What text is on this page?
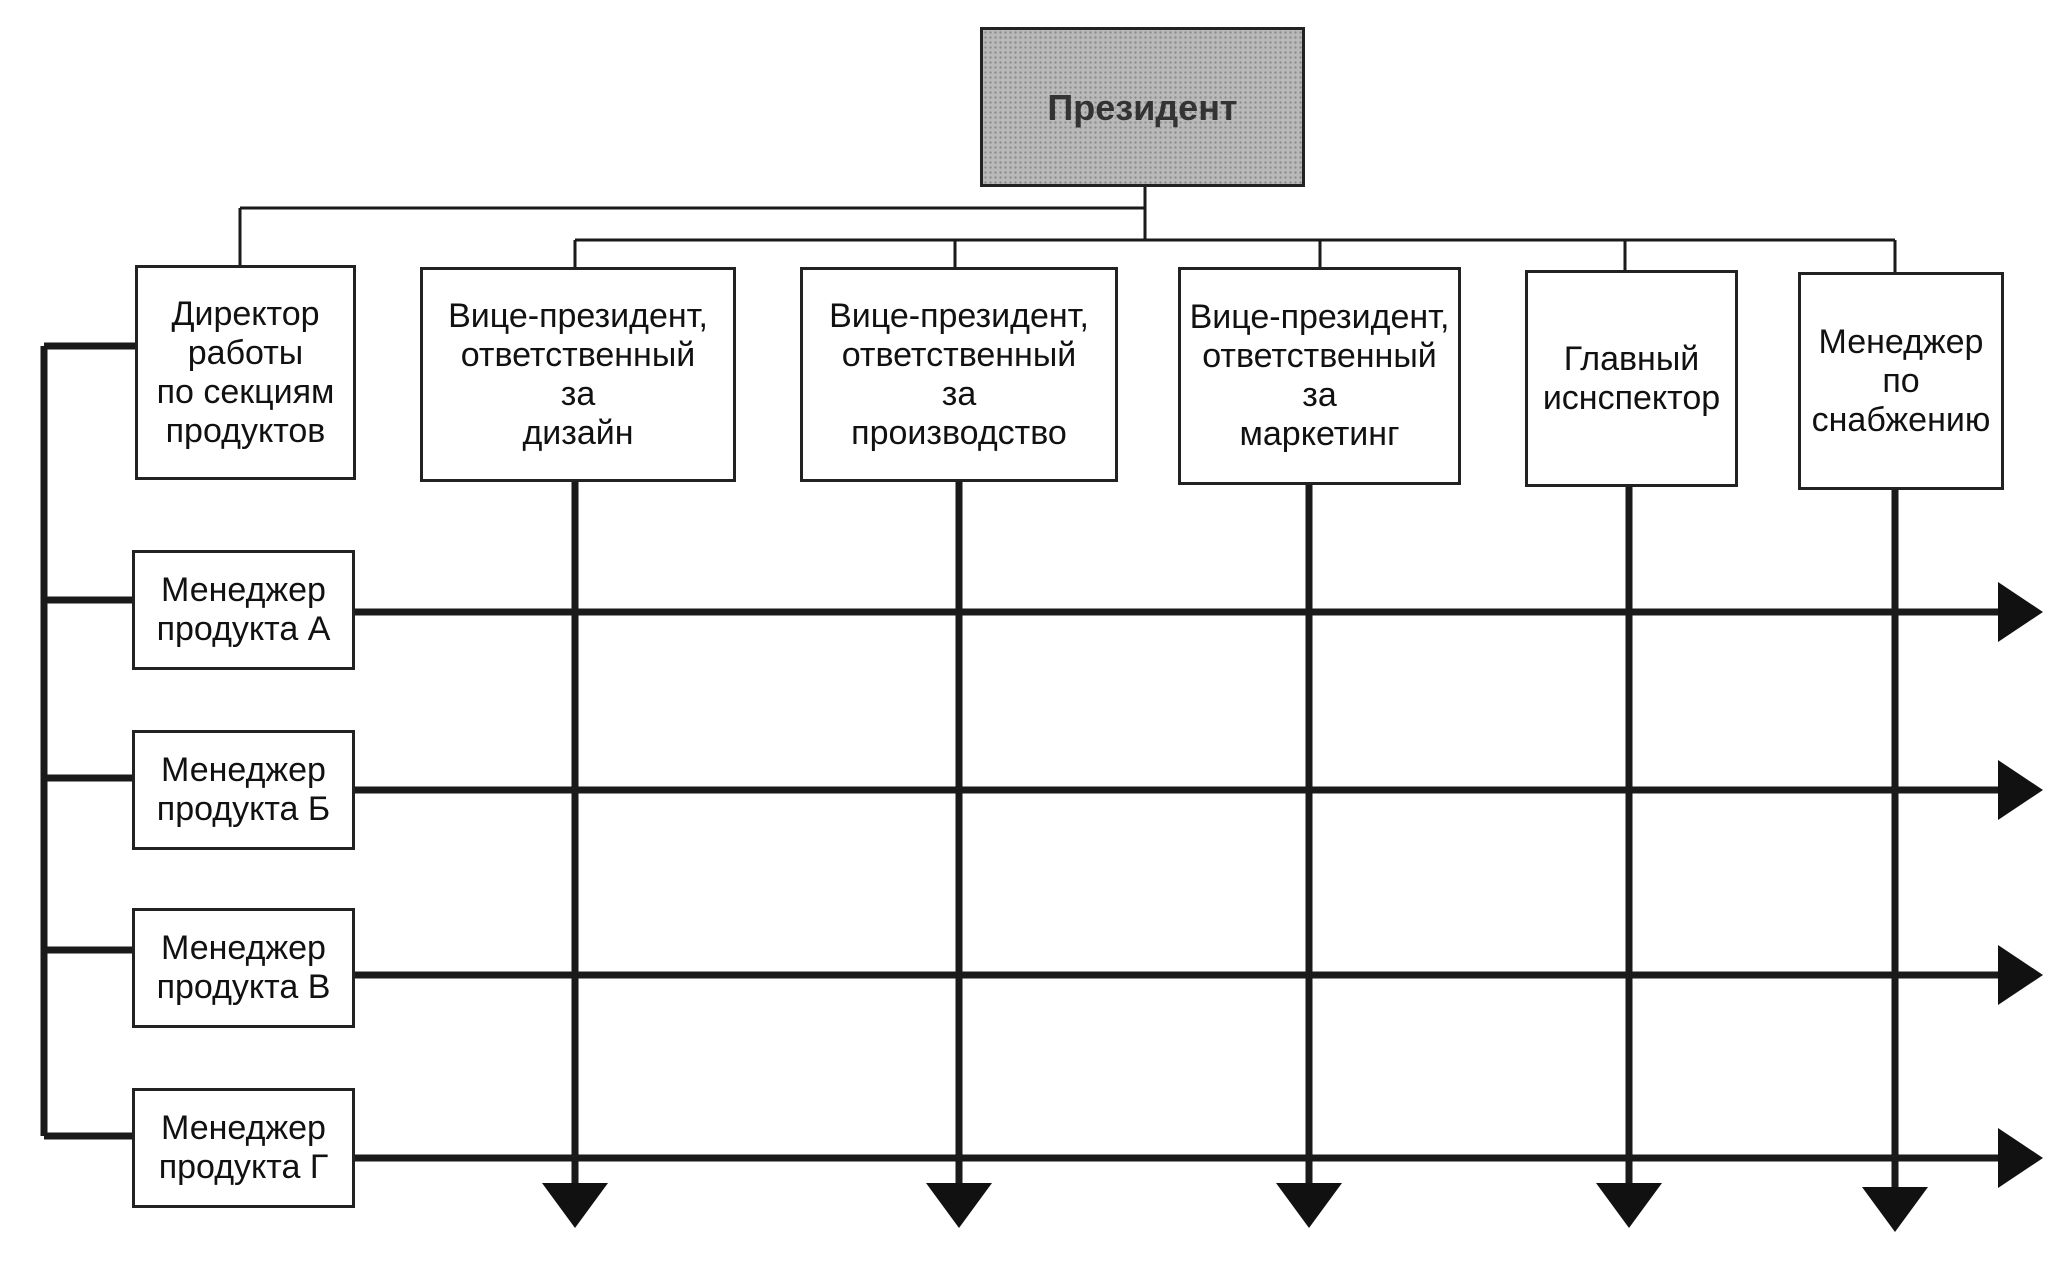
Президент
Директор
работы
по секциям
продуктов
Вице-президент,
ответственный
за
дизайн
Вице-президент,
ответственный
за
производство
Вице-президент,
ответственный
за
маркетинг
Главный
иснспектор
Менеджер
по
снабжению
Менеджер
продукта А
Менеджер
продукта Б
Менеджер
продукта В
Менеджер
продукта Г
